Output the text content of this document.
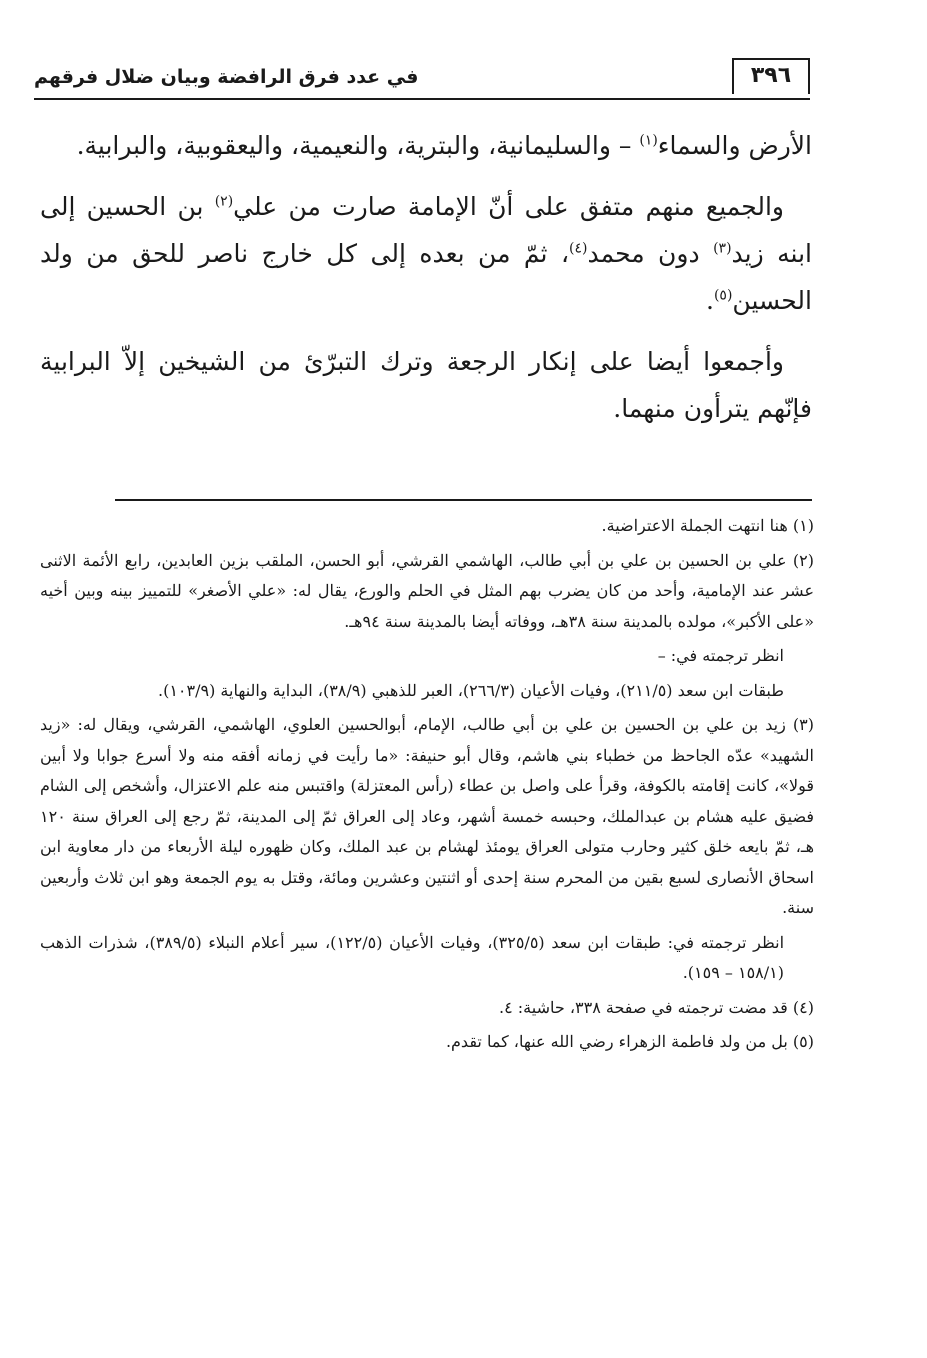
٣٩٦
في عدد فرق الرافضة وبيان ضلال فرقهم

الأرض والسماء$^{(١)}$ – والسليمانية، والبترية، والنعيمية، واليعقوبية، والبرابية.

والجميع منهم متفق على أنّ الإمامة صارت من علي$^{(٢)}$ بن الحسين إلى ابنه زيد$^{(٣)}$ دون محمد$^{(٤)}$، ثمّ من بعده إلى كل خارج ناصر للحق من ولد الحسين$^{(٥)}$.

وأجمعوا أيضا على إنكار الرجعة وترك التبرّئ من الشيخين إلاّ البرابية فإنّهم يترأون منهما.

(١) هنا انتهت الجملة الاعتراضية.
(٢) علي بن الحسين بن علي بن أبي طالب، الهاشمي القرشي، أبو الحسن، الملقب بزين العابدين، رابع الأئمة الاثنى عشر عند الإمامية، وأحد من كان يضرب بهم المثل في الحلم والورع، يقال له: «علي الأصغر» للتمييز بينه وبين أخيه «على الأكبر»، مولده بالمدينة سنة ٣٨هـ، ووفاته أيضا بالمدينة سنة ٩٤هـ.
انظر ترجمته في: –
طبقات ابن سعد (٢١١/٥)، وفيات الأعيان (٢٦٦/٣)، العبر للذهبي (٣٨/٩)، البداية والنهاية (١٠٣/٩).
(٣) زيد بن علي بن الحسين بن علي بن أبي طالب، الإمام، أبوالحسين العلوي، الهاشمي، القرشي، ويقال له: «زيد الشهيد» عدّه الجاحظ من خطباء بني هاشم، وقال أبو حنيفة: «ما رأيت في زمانه أفقه منه ولا أسرع جوابا ولا أبين قولا»، كانت إقامته بالكوفة، وقرأ على واصل بن عطاء (رأس المعتزلة) واقتبس منه علم الاعتزال، وأشخص إلى الشام فضيق عليه هشام بن عبدالملك، وحبسه خمسة أشهر، وعاد إلى العراق ثمّ إلى المدينة، ثمّ رجع إلى العراق سنة ١٢٠ هـ، ثمّ بايعه خلق كثير وحارب متولى العراق يومئذ لهشام بن عبد الملك، وكان ظهوره ليلة الأربعاء من دار معاوية ابن اسحاق الأنصارى لسبع بقين من المحرم سنة إحدى أو اثنتين وعشرين ومائة، وقتل به يوم الجمعة وهو ابن ثلاث وأربعين سنة.
انظر ترجمته في: طبقات ابن سعد (٣٢٥/٥)، وفيات الأعيان (١٢٢/٥)، سير أعلام النبلاء (٣٨٩/٥)، شذرات الذهب (١٥٨/١ – ١٥٩).
(٤) قد مضت ترجمته في صفحة ٣٣٨، حاشية: ٤.
(٥) بل من ولد فاطمة الزهراء رضي الله عنها، كما تقدم.
